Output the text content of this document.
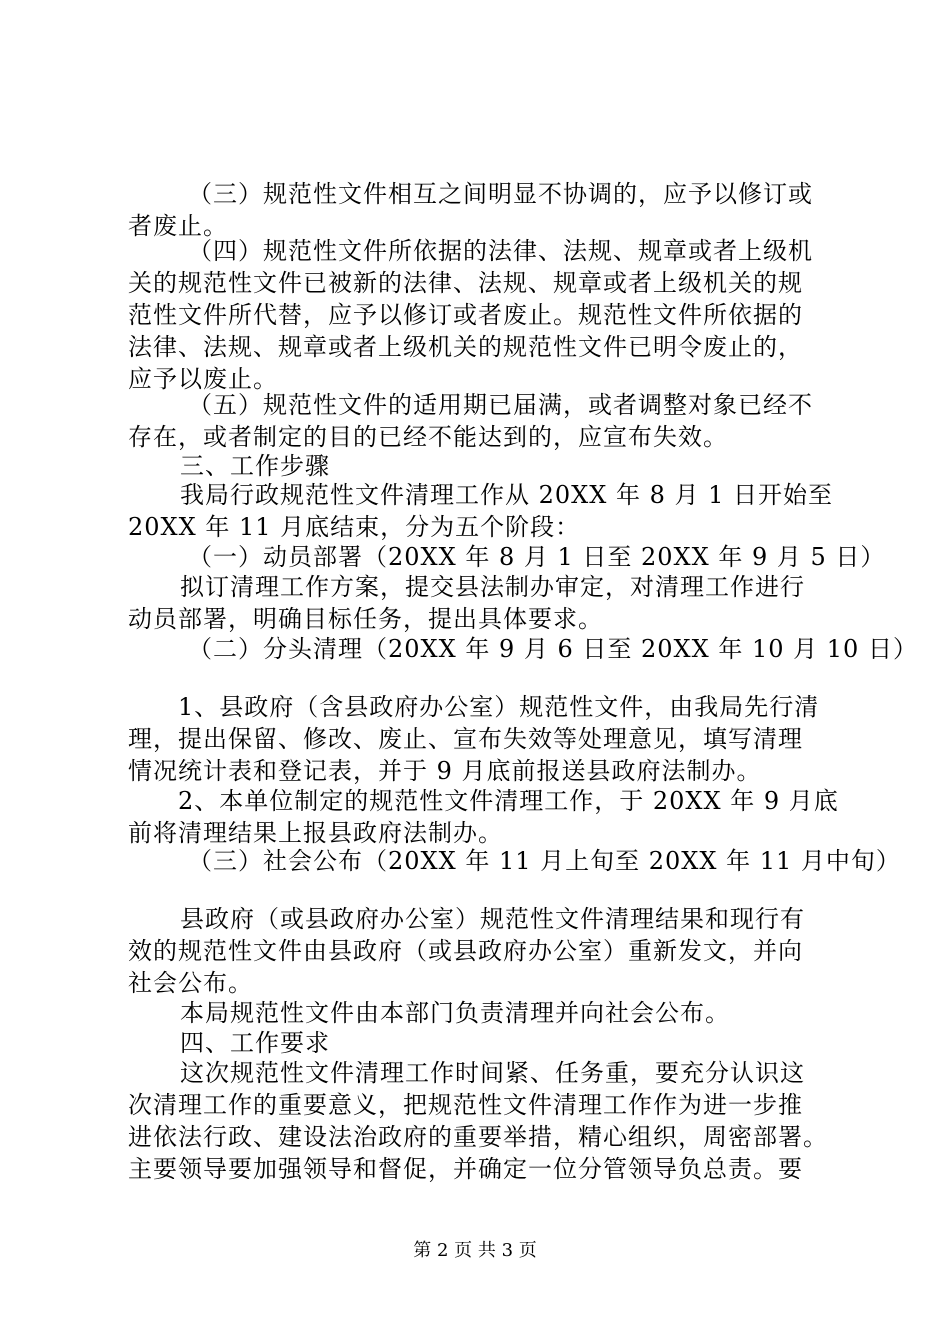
（三）规范性文件相互之间明显不协调的，应予以修订或
者废止。
（四）规范性文件所依据的法律、法规、规章或者上级机
关的规范性文件已被新的法律、法规、规章或者上级机关的规
范性文件所代替，应予以修订或者废止。规范性文件所依据的
法律、法规、规章或者上级机关的规范性文件已明令废止的，
应予以废止。
（五）规范性文件的适用期已届满，或者调整对象已经不
存在，或者制定的目的已经不能达到的，应宣布失效。
三、工作步骤
我局行政规范性文件清理工作从 20XX 年 8 月 1 日开始至
20XX 年 11 月底结束，分为五个阶段：
（一）动员部署（20XX 年 8 月 1 日至 20XX 年 9 月 5 日）
拟订清理工作方案，提交县法制办审定，对清理工作进行
动员部署，明确目标任务，提出具体要求。
（二）分头清理（20XX 年 9 月 6 日至 20XX 年 10 月 10 日）
1、县政府（含县政府办公室）规范性文件，由我局先行清
理，提出保留、修改、废止、宣布失效等处理意见，填写清理
情况统计表和登记表，并于 9 月底前报送县政府法制办。
2、本单位制定的规范性文件清理工作，于 20XX 年 9 月底
前将清理结果上报县政府法制办。
（三）社会公布（20XX 年 11 月上旬至 20XX 年 11 月中旬）
县政府（或县政府办公室）规范性文件清理结果和现行有
效的规范性文件由县政府（或县政府办公室）重新发文，并向
社会公布。
本局规范性文件由本部门负责清理并向社会公布。
四、工作要求
这次规范性文件清理工作时间紧、任务重，要充分认识这
次清理工作的重要意义，把规范性文件清理工作作为进一步推
进依法行政、建设法治政府的重要举措，精心组织，周密部署。
主要领导要加强领导和督促，并确定一位分管领导负总责。要
第 2 页 共 3 页
